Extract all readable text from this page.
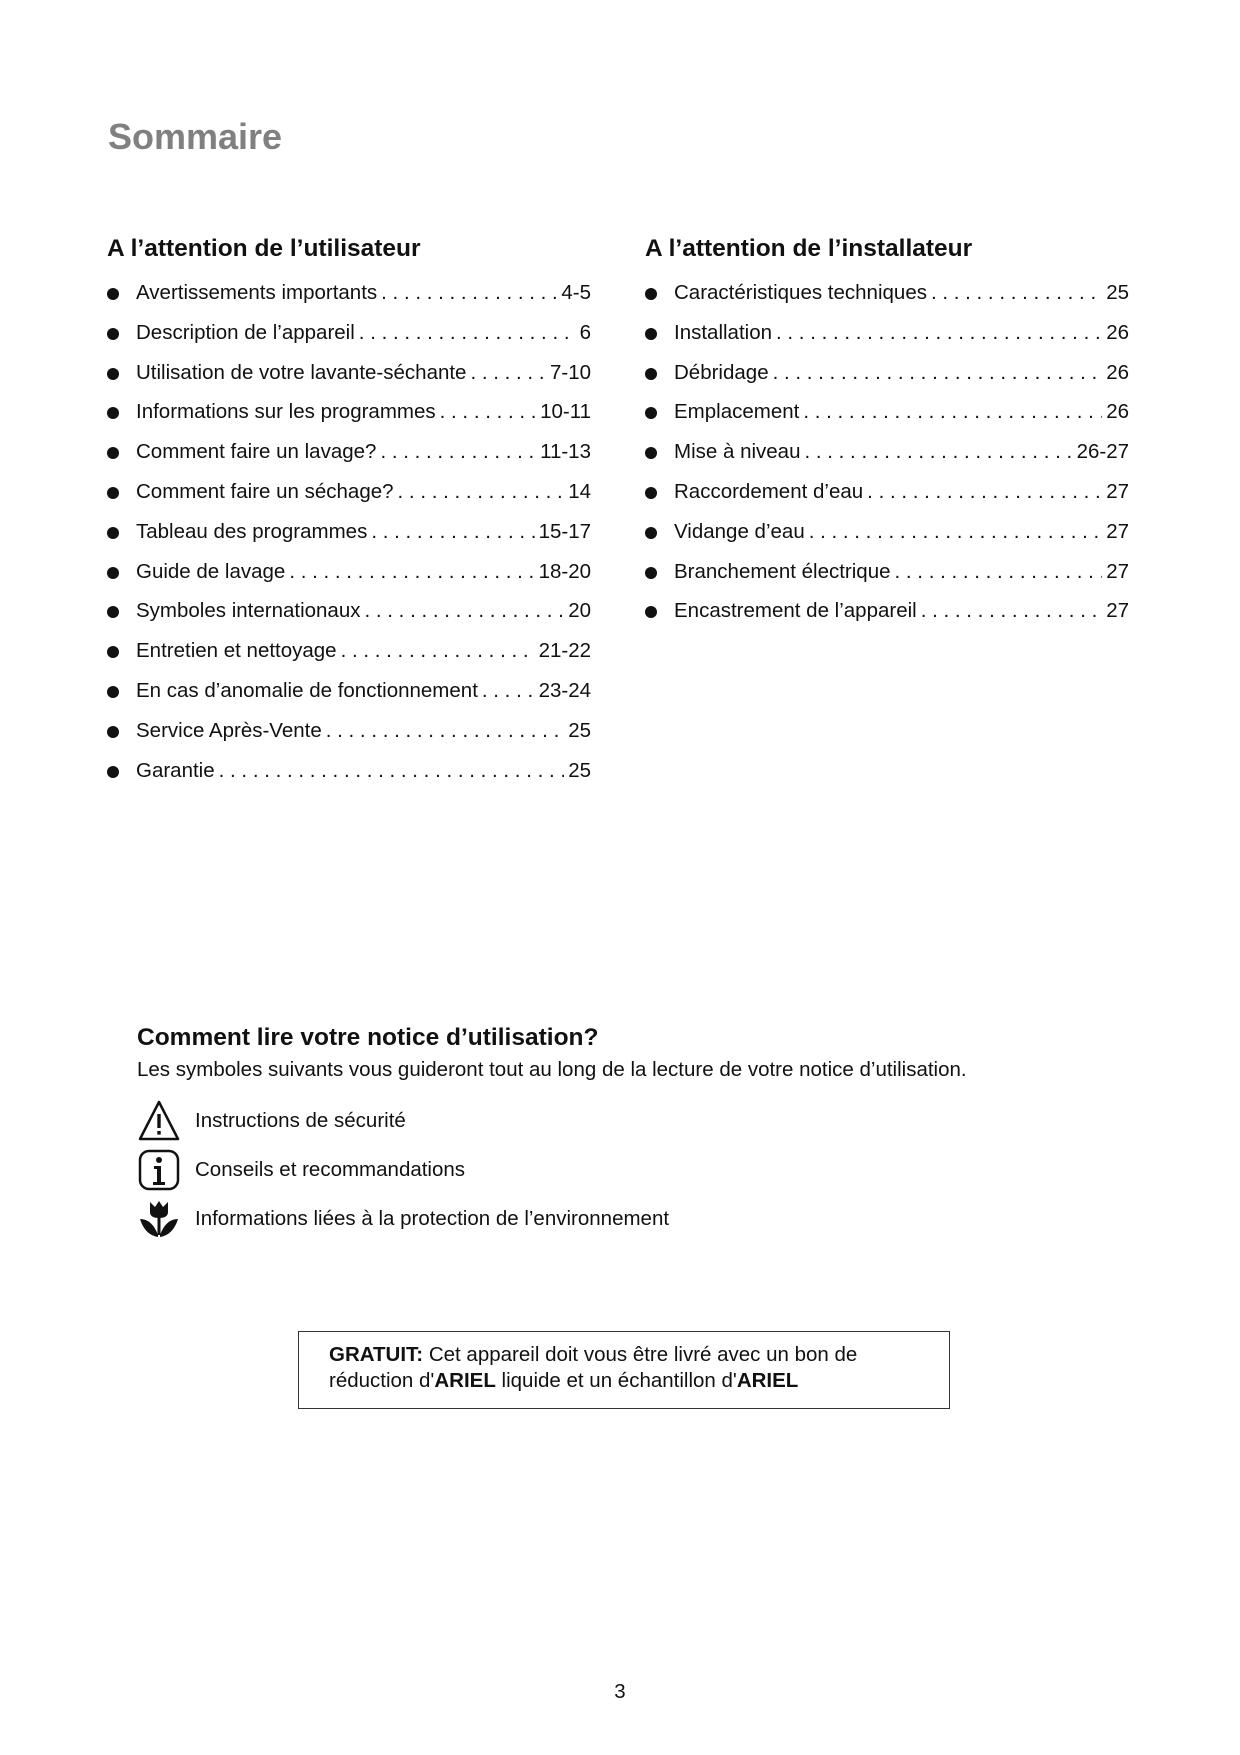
Sommaire
A l’attention de l’utilisateur
Avertissements importants . . .	4-5
Description de l’appareil . . .	6
Utilisation de votre lavante-séchante . . .	7-10
Informations sur les programmes . . .	10-11
Comment faire un lavage? . . .	11-13
Comment faire un séchage? . . .	14
Tableau des programmes . . .	15-17
Guide de lavage . . .	18-20
Symboles internationaux . . .	20
Entretien et nettoyage . . .	21-22
En cas d’anomalie de fonctionnement . . .	23-24
Service Après-Vente . . .	25
Garantie . . .	25
A l’attention de l’installateur
Caractéristiques techniques . . .	25
Installation . . .	26
Débridage . . .	26
Emplacement . . .	26
Mise à niveau . . .	26-27
Raccordement d’eau . . .	27
Vidange d’eau . . .	27
Branchement électrique . . .	27
Encastrement de l’appareil . . .	27
Comment lire votre notice d’utilisation?

Les symboles suivants vous guideront tout au long de la lecture de votre notice d’utilisation.

Instructions de sécurité
Conseils et recommandations
Informations liées à la protection de l’environnement
GRATUIT: Cet appareil doit vous être livré avec un bon de réduction d'ARIEL liquide et un échantillon d'ARIEL
3
